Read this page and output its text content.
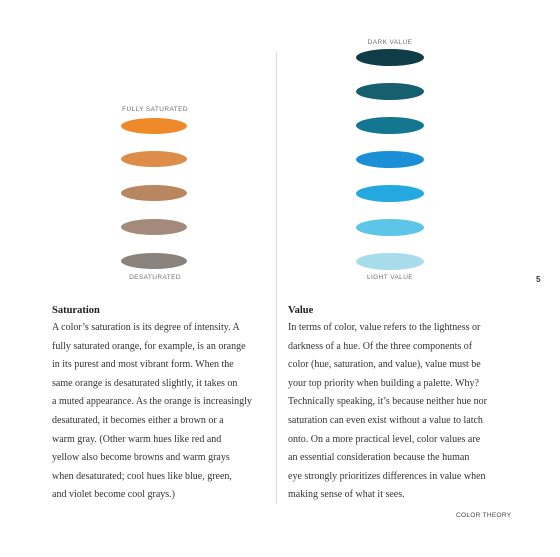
FULLY SATURATED
DESATURATED
DARK VALUE
LIGHT VALUE	5
Saturation
A color’s saturation is its degree of intensity. A
fully saturated orange, for example, is an orange
in its purest and most vibrant form. When the
same orange is desaturated slightly, it takes on
a muted appearance. As the orange is increasingly
desaturated, it becomes either a brown or a
warm gray. (Other warm hues like red and
yellow also become browns and warm grays
when desaturated; cool hues like blue, green,
and violet become cool grays.)
Value
In terms of color, value refers to the lightness or
darkness of a hue. Of the three components of
color (hue, saturation, and value), value must be
your top priority when building a palette. Why?
Technically speaking, it’s because neither hue nor
saturation can even exist without a value to latch
onto. On a more practical level, color values are
an essential consideration because the human
eye strongly prioritizes differences in value when
making sense of what it sees.
COLOR THEORY
